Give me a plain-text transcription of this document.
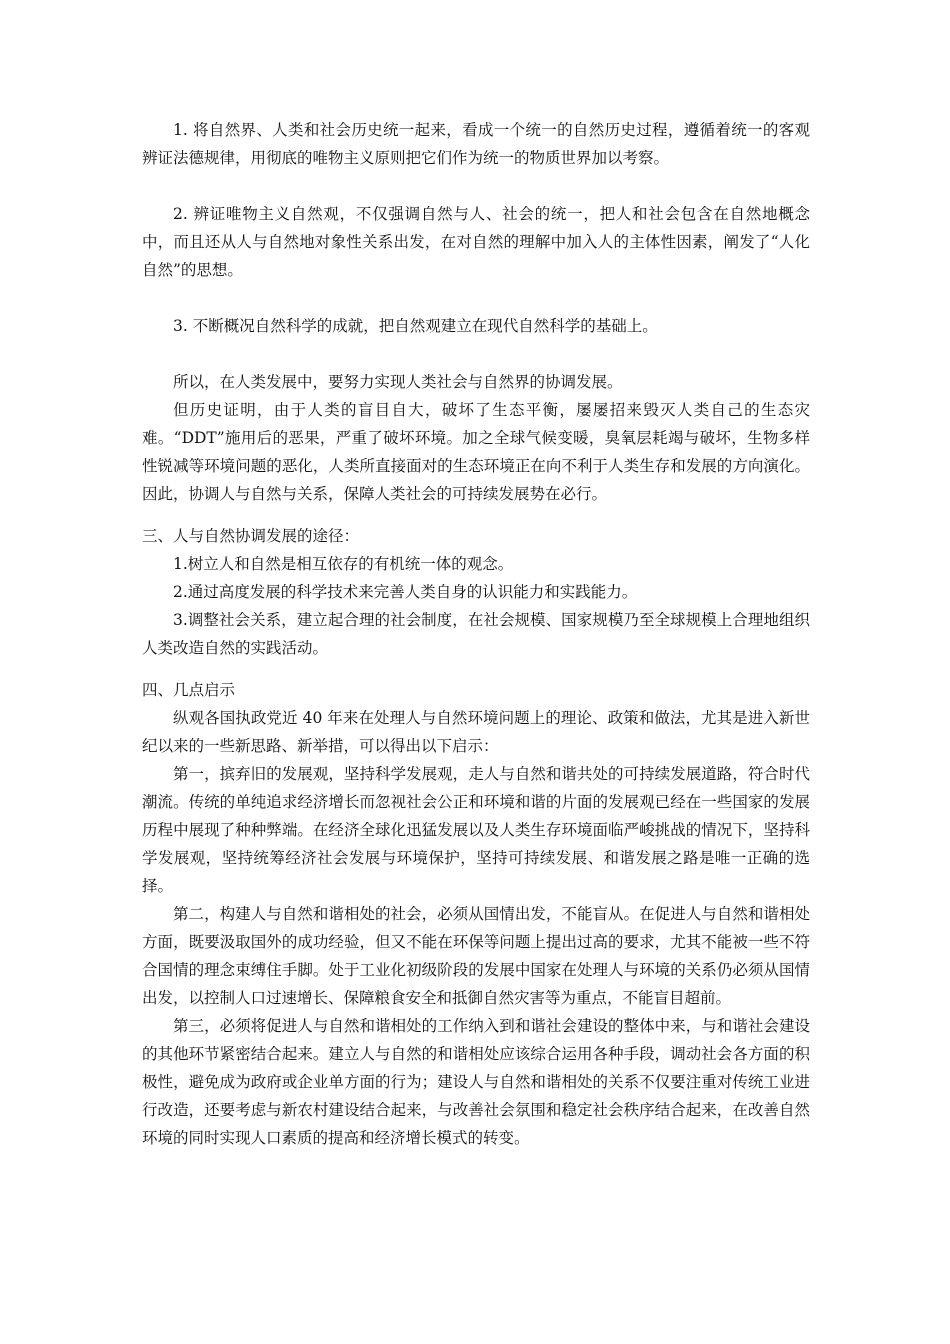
1. 将自然界、人类和社会历史统一起来，看成一个统一的自然历史过程，遵循着统一的客观辨证法德规律，用彻底的唯物主义原则把它们作为统一的物质世界加以考察。

2. 辨证唯物主义自然观，不仅强调自然与人、社会的统一，把人和社会包含在自然地概念中，而且还从人与自然地对象性关系出发，在对自然的理解中加入人的主体性因素，阐发了“人化自然”的思想。

3. 不断概况自然科学的成就，把自然观建立在现代自然科学的基础上。

所以，在人类发展中，要努力实现人类社会与自然界的协调发展。

但历史证明，由于人类的盲目自大，破坏了生态平衡，屡屡招来毁灭人类自己的生态灾难。“DDT”施用后的恶果，严重了破坏环境。加之全球气候变暖，臭氧层耗竭与破坏，生物多样性锐减等环境问题的恶化，人类所直接面对的生态环境正在向不利于人类生存和发展的方向演化。因此，协调人与自然与关系，保障人类社会的可持续发展势在必行。

三、人与自然协调发展的途径：

1.树立人和自然是相互依存的有机统一体的观念。

2.通过高度发展的科学技术来完善人类自身的认识能力和实践能力。

3.调整社会关系，建立起合理的社会制度，在社会规模、国家规模乃至全球规模上合理地组织人类改造自然的实践活动。

四、几点启示

纵观各国执政党近 40 年来在处理人与自然环境问题上的理论、政策和做法，尤其是进入新世纪以来的一些新思路、新举措，可以得出以下启示：

第一，摈弃旧的发展观，坚持科学发展观，走人与自然和谐共处的可持续发展道路，符合时代潮流。传统的单纯追求经济增长而忽视社会公正和环境和谐的片面的发展观已经在一些国家的发展历程中展现了种种弊端。在经济全球化迅猛发展以及人类生存环境面临严峻挑战的情况下，坚持科学发展观，坚持统筹经济社会发展与环境保护，坚持可持续发展、和谐发展之路是唯一正确的选择。

第二，构建人与自然和谐相处的社会，必须从国情出发，不能盲从。在促进人与自然和谐相处方面，既要汲取国外的成功经验，但又不能在环保等问题上提出过高的要求，尤其不能被一些不符合国情的理念束缚住手脚。处于工业化初级阶段的发展中国家在处理人与环境的关系仍必须从国情出发，以控制人口过速增长、保障粮食安全和抵御自然灾害等为重点，不能盲目超前。

第三，必须将促进人与自然和谐相处的工作纳入到和谐社会建设的整体中来，与和谐社会建设的其他环节紧密结合起来。建立人与自然的和谐相处应该综合运用各种手段，调动社会各方面的积极性，避免成为政府或企业单方面的行为；建设人与自然和谐相处的关系不仅要注重对传统工业进行改造，还要考虑与新农村建设结合起来，与改善社会氛围和稳定社会秩序结合起来，在改善自然环境的同时实现人口素质的提高和经济增长模式的转变。
